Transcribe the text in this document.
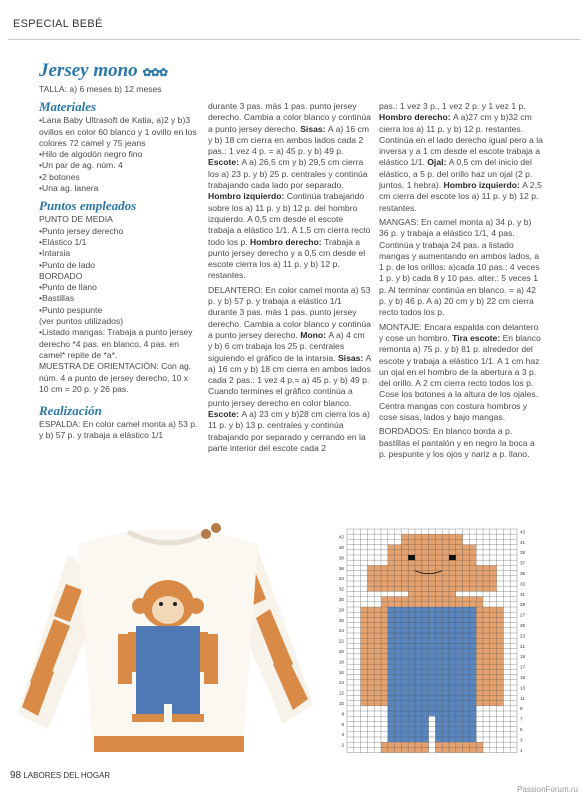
ESPECIAL BEBÉ
Jersey mono ✿✿✿
TALLA: a) 6 meses b) 12 meses
Materiales
• Lana Baby Ultrasoft de Katia, a)2 y b)3 ovillos en color 60 blanco y 1 ovillo en los colores 72 camel y 75 jeans
• Hilo de algodón negro fino
• Un par de ag. núm. 4
• 2 botones
• Una ag. lanera
Puntos empleados
PUNTO DE MEDIA
• Punto jersey derecho
• Elástico 1/1
• Intarsia
• Punto de lado
BORDADO
• Punto de llano
• Bastillas
• Punto pespunte
(ver puntos utilizados)
• Listado mangas: Trabaja a punto jersey derecho *4 pas. en blanco, 4 pas. en camel* repite de *a*.
MUESTRA DE ORIENTACIÓN: Con ag. núm. 4 a punto de jersey derecho, 10 x 10 cm = 20 p. y 26 pas.
Realización
ESPALDA: En color camel monta a) 53 p. y b) 57 p. y trabaja a elástico 1/1
durante 3 pas. más 1 pas. punto jersey derecho. Cambia a color blanco y continúa a punto jersey derecho. Sisas: A a) 16 cm y b) 18 cm cierra en ambos lados cada 2 pas.: 1 vez 4 p. = a) 45 p. y b) 49 p. Escote: A a) 26,5 cm y b) 29,5 cm cierra los a) 23 p. y b) 25 p. centrales y continúa trabajando cada lado por separado. Hombro izquierdo: Continúa trabajando sobre los a) 11 p. y b) 12 p. del hombro izquierdo. A 0,5 cm desde el escote trabaja a elástico 1/1. A 1,5 cm cierra recto todo los p. Hombro derecho: Trabaja a punto jersey derecho y a 0,5 cm desde el escote cierra los a) 11 p. y b) 12 p. restantes.
DELANTERO: En color camel monta a) 53 p. y b) 57 p. y trabaja a elástico 1/1 durante 3 pas. más 1 pas. punto jersey derecho. Cambia a color blanco y continúa a punto jersey derecho. Mono: A a) 4 cm y b) 6 cm trabaja los 25 p. centrales siguiendo el gráfico de la intarsia. Sisas: A a) 16 cm y b) 18 cm cierra en ambos lados cada 2 pas.: 1 vez 4 p.= a) 45 p. y b) 49 p. Cuando termines el gráfico continúa a punto jersey derecho en color blanco. Escote: A a) 23 cm y b)28 cm cierra los a) 11 p. y b) 13 p. centrales y continúa trabajando por separado y cerrando en la parte interior del escote cada 2
pas.: 1 vez 3 p., 1 vez 2 p. y 1 vez 1 p. Hombro derecho: A a)27 cm y b)32 cm cierra los a) 11 p. y b) 12 p. restantes. Continúa en el lado derecho igual pero a la inversa y a 1 cm desde el escote trabaja a elástico 1/1. Ojal: A 0,5 cm del inicio del elástico, a 5 p. del orillo haz un ojal (2 p. juntos, 1 hebra). Hombro izquierdo: A 2,5 cm cierra del escote los a) 11 p. y b) 12 p. restantes.
MANGAS: En camel monta a) 34 p. y b) 36 p. y trabaja a elástico 1/1, 4 pas. Continúa y trabaja 24 pas. a listado mangas y aumentando en ambos lados, a 1 p. de los orillos: a)cada 10 pas.: 4 veces 1 p. y b) cada 8 y 10 pas. alter.: 5 veces 1 p. Al terminar continúa en blanco. = a) 42 p. y b) 46 p. A a) 20 cm y b) 22 cm cierra recto todos los p.
MONTAJE: Encara espalda con delantero y cose un hombro. Tira escote: En blanco remonta a) 75 p. y b) 81 p. alrededor del escote y trabaja a elástico 1/1. A 1 cm haz un ojal en el hombro de la abertura a 3 p. del orillo. A 2 cm cierra recto todos los p. Cose los botones a la altura de los ojales. Centra mangas con costura hombros y cose sisas, lados y bajo mangas.
BORDADOS: En blanco borda a p. bastillas el pantalón y en negro la boca a p. pespunte y los ojos y nariz a p. llano.
42
40
38
36
34
32
30
28
26
24
22
20
18
16
14
12
10
8
6
4
2
43
41
39
37
35
33
31
29
27
25
23
21
19
17
15
13
11
9
7
5
3
1
98 LABORES DEL HOGAR
PassionForum.ru
